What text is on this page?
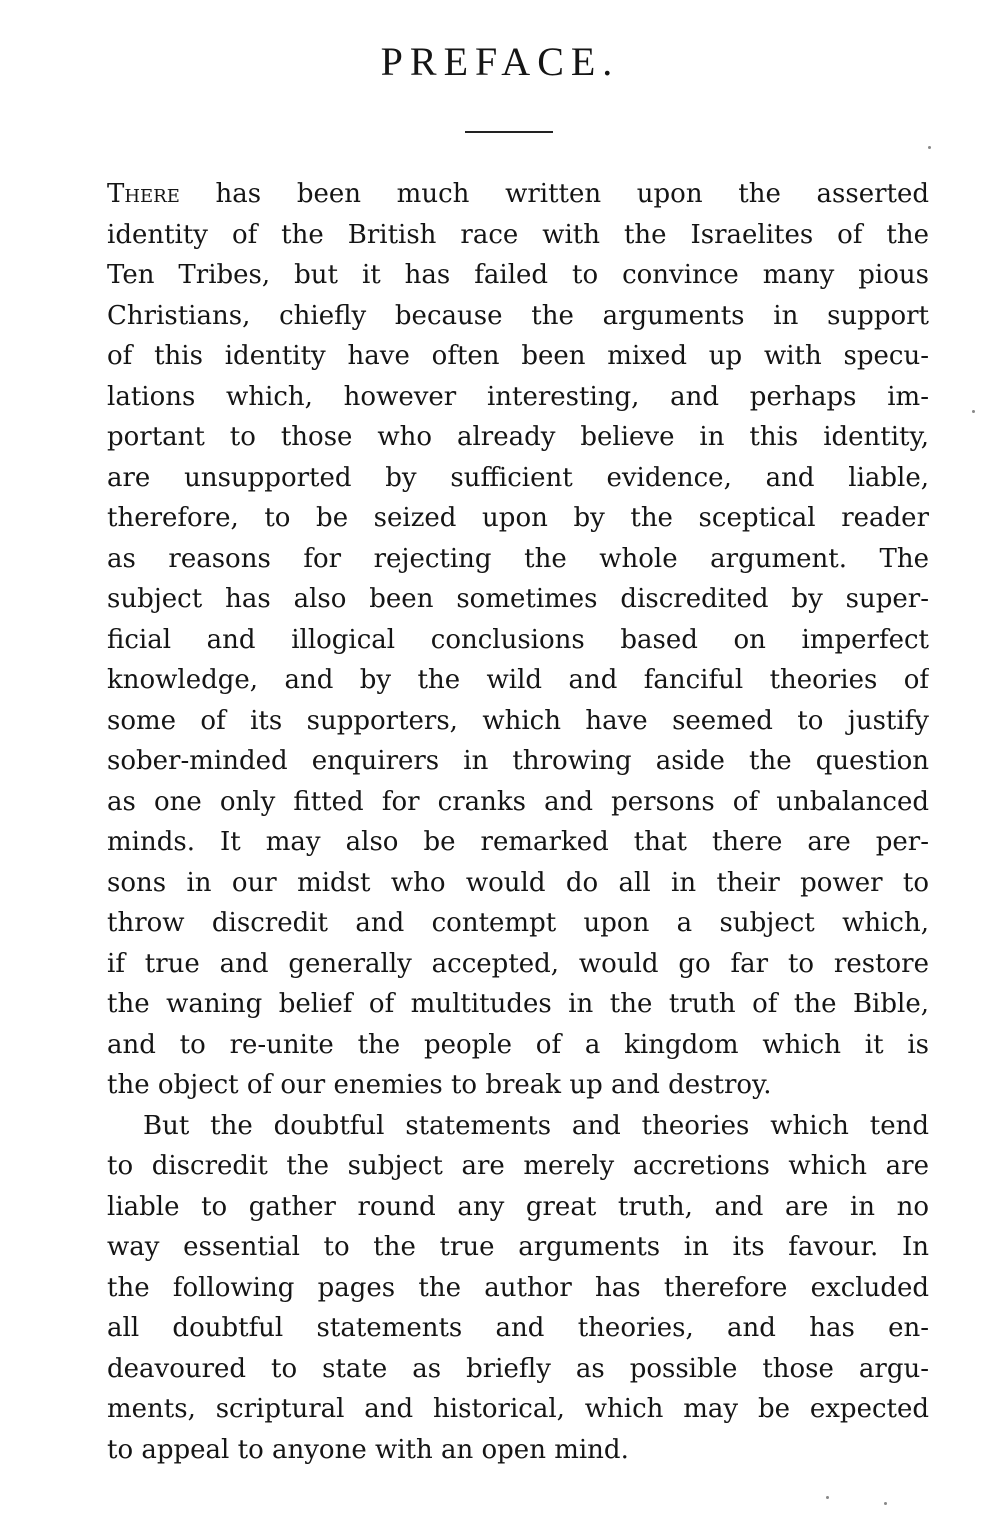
PREFACE.
There has been much written upon the asserted
identity of the British race with the Israelites of the
Ten Tribes, but it has failed to convince many pious
Christians, chiefly because the arguments in support
of this identity have often been mixed up with specu-
lations which, however interesting, and perhaps im-
portant to those who already believe in this identity,
are unsupported by sufficient evidence, and liable,
therefore, to be seized upon by the sceptical reader
as reasons for rejecting the whole argument. The
subject has also been sometimes discredited by super-
ficial and illogical conclusions based on imperfect
knowledge, and by the wild and fanciful theories of
some of its supporters, which have seemed to justify
sober-minded enquirers in throwing aside the question
as one only fitted for cranks and persons of unbalanced
minds. It may also be remarked that there are per-
sons in our midst who would do all in their power to
throw discredit and contempt upon a subject which,
if true and generally accepted, would go far to restore
the waning belief of multitudes in the truth of the Bible,
and to re-unite the people of a kingdom which it is
the object of our enemies to break up and destroy.
But the doubtful statements and theories which tend
to discredit the subject are merely accretions which are
liable to gather round any great truth, and are in no
way essential to the true arguments in its favour. In
the following pages the author has therefore excluded
all doubtful statements and theories, and has en-
deavoured to state as briefly as possible those argu-
ments, scriptural and historical, which may be expected
to appeal to anyone with an open mind.
